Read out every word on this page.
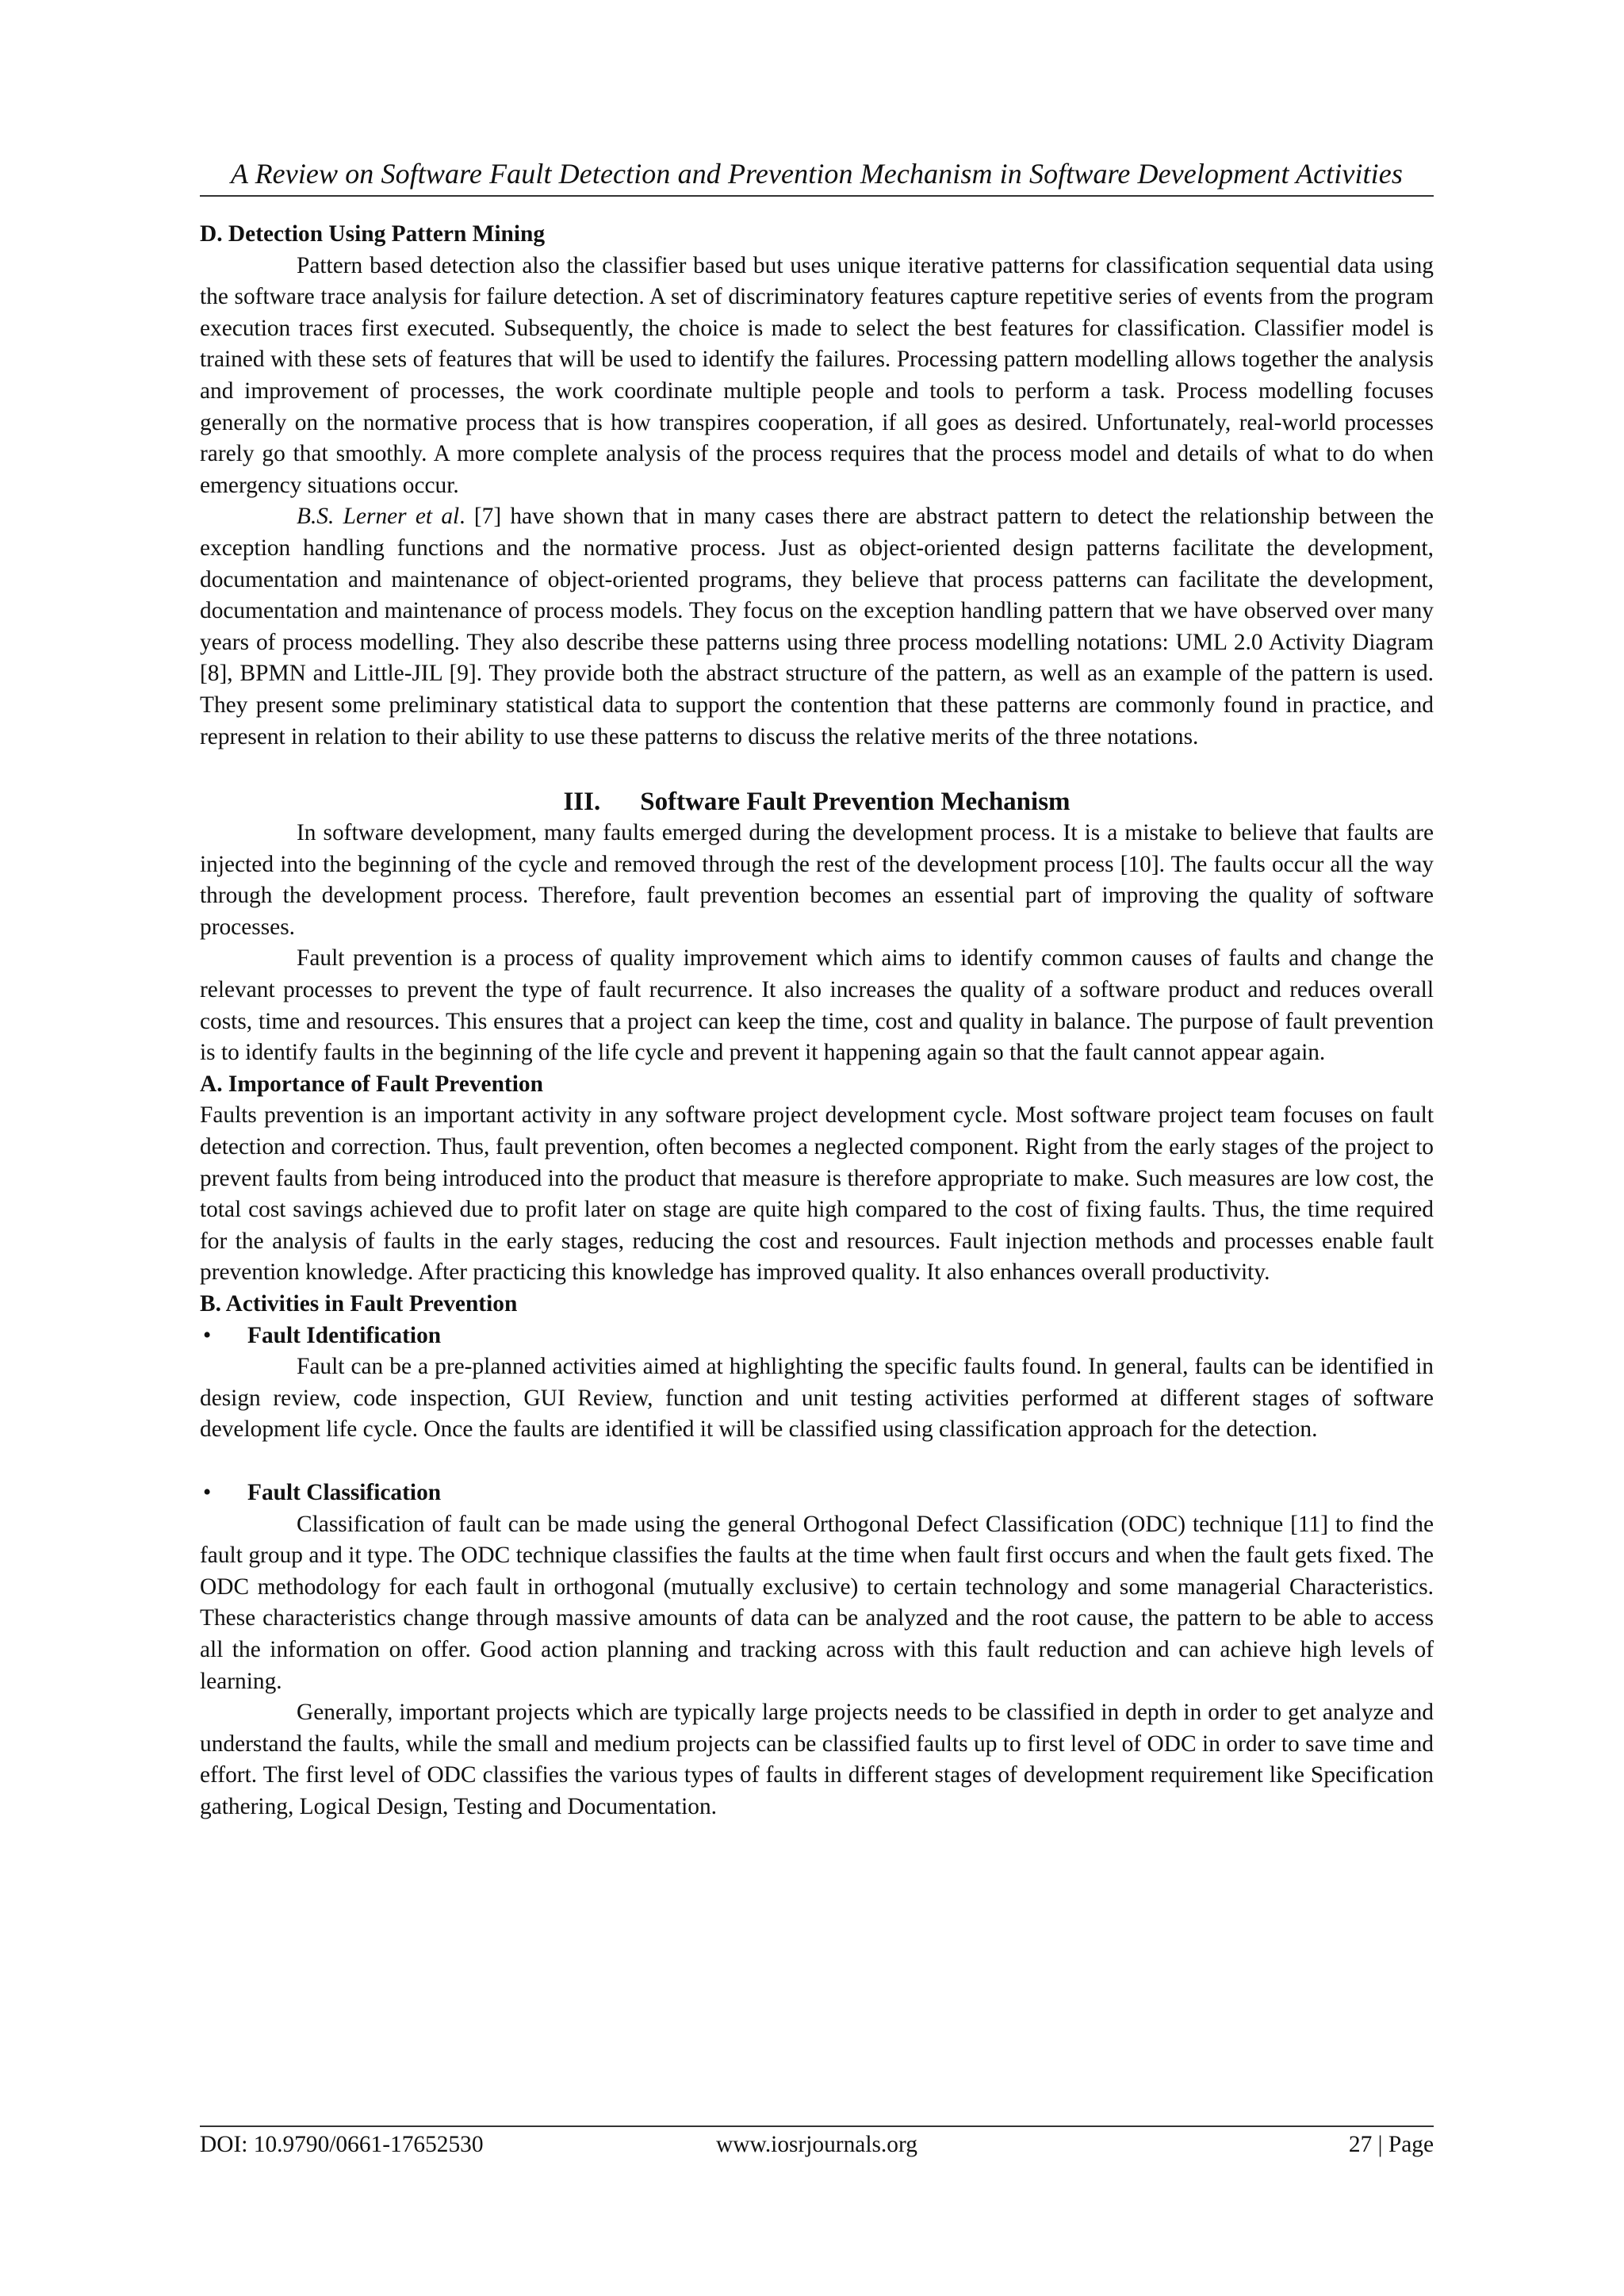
A Review on Software Fault Detection and Prevention Mechanism in Software Development Activities

D. Detection Using Pattern Mining

Pattern based detection also the classifier based but uses unique iterative patterns for classification sequential data using the software trace analysis for failure detection. A set of discriminatory features capture repetitive series of events from the program execution traces first executed. Subsequently, the choice is made to select the best features for classification. Classifier model is trained with these sets of features that will be used to identify the failures. Processing pattern modelling allows together the analysis and improvement of processes, the work coordinate multiple people and tools to perform a task. Process modelling focuses generally on the normative process that is how transpires cooperation, if all goes as desired. Unfortunately, real-world processes rarely go that smoothly. A more complete analysis of the process requires that the process model and details of what to do when emergency situations occur.

B.S. Lerner et al. [7] have shown that in many cases there are abstract pattern to detect the relationship between the exception handling functions and the normative process. Just as object-oriented design patterns facilitate the development, documentation and maintenance of object-oriented programs, they believe that process patterns can facilitate the development, documentation and maintenance of process models. They focus on the exception handling pattern that we have observed over many years of process modelling. They also describe these patterns using three process modelling notations: UML 2.0 Activity Diagram [8], BPMN and Little-JIL [9]. They provide both the abstract structure of the pattern, as well as an example of the pattern is used. They present some preliminary statistical data to support the contention that these patterns are commonly found in practice, and represent in relation to their ability to use these patterns to discuss the relative merits of the three notations.

III. Software Fault Prevention Mechanism

In software development, many faults emerged during the development process. It is a mistake to believe that faults are injected into the beginning of the cycle and removed through the rest of the development process [10]. The faults occur all the way through the development process. Therefore, fault prevention becomes an essential part of improving the quality of software processes.

Fault prevention is a process of quality improvement which aims to identify common causes of faults and change the relevant processes to prevent the type of fault recurrence. It also increases the quality of a software product and reduces overall costs, time and resources. This ensures that a project can keep the time, cost and quality in balance. The purpose of fault prevention is to identify faults in the beginning of the life cycle and prevent it happening again so that the fault cannot appear again.

A. Importance of Fault Prevention

Faults prevention is an important activity in any software project development cycle. Most software project team focuses on fault detection and correction. Thus, fault prevention, often becomes a neglected component. Right from the early stages of the project to prevent faults from being introduced into the product that measure is therefore appropriate to make. Such measures are low cost, the total cost savings achieved due to profit later on stage are quite high compared to the cost of fixing faults. Thus, the time required for the analysis of faults in the early stages, reducing the cost and resources. Fault injection methods and processes enable fault prevention knowledge. After practicing this knowledge has improved quality. It also enhances overall productivity.

B. Activities in Fault Prevention

• Fault Identification

Fault can be a pre-planned activities aimed at highlighting the specific faults found. In general, faults can be identified in design review, code inspection, GUI Review, function and unit testing activities performed at different stages of software development life cycle. Once the faults are identified it will be classified using classification approach for the detection.

• Fault Classification

Classification of fault can be made using the general Orthogonal Defect Classification (ODC) technique [11] to find the fault group and it type. The ODC technique classifies the faults at the time when fault first occurs and when the fault gets fixed. The ODC methodology for each fault in orthogonal (mutually exclusive) to certain technology and some managerial Characteristics. These characteristics change through massive amounts of data can be analyzed and the root cause, the pattern to be able to access all the information on offer. Good action planning and tracking across with this fault reduction and can achieve high levels of learning.

Generally, important projects which are typically large projects needs to be classified in depth in order to get analyze and understand the faults, while the small and medium projects can be classified faults up to first level of ODC in order to save time and effort. The first level of ODC classifies the various types of faults in different stages of development requirement like Specification gathering, Logical Design, Testing and Documentation.

DOI: 10.9790/0661-17652530	www.iosrjournals.org	27 | Page
